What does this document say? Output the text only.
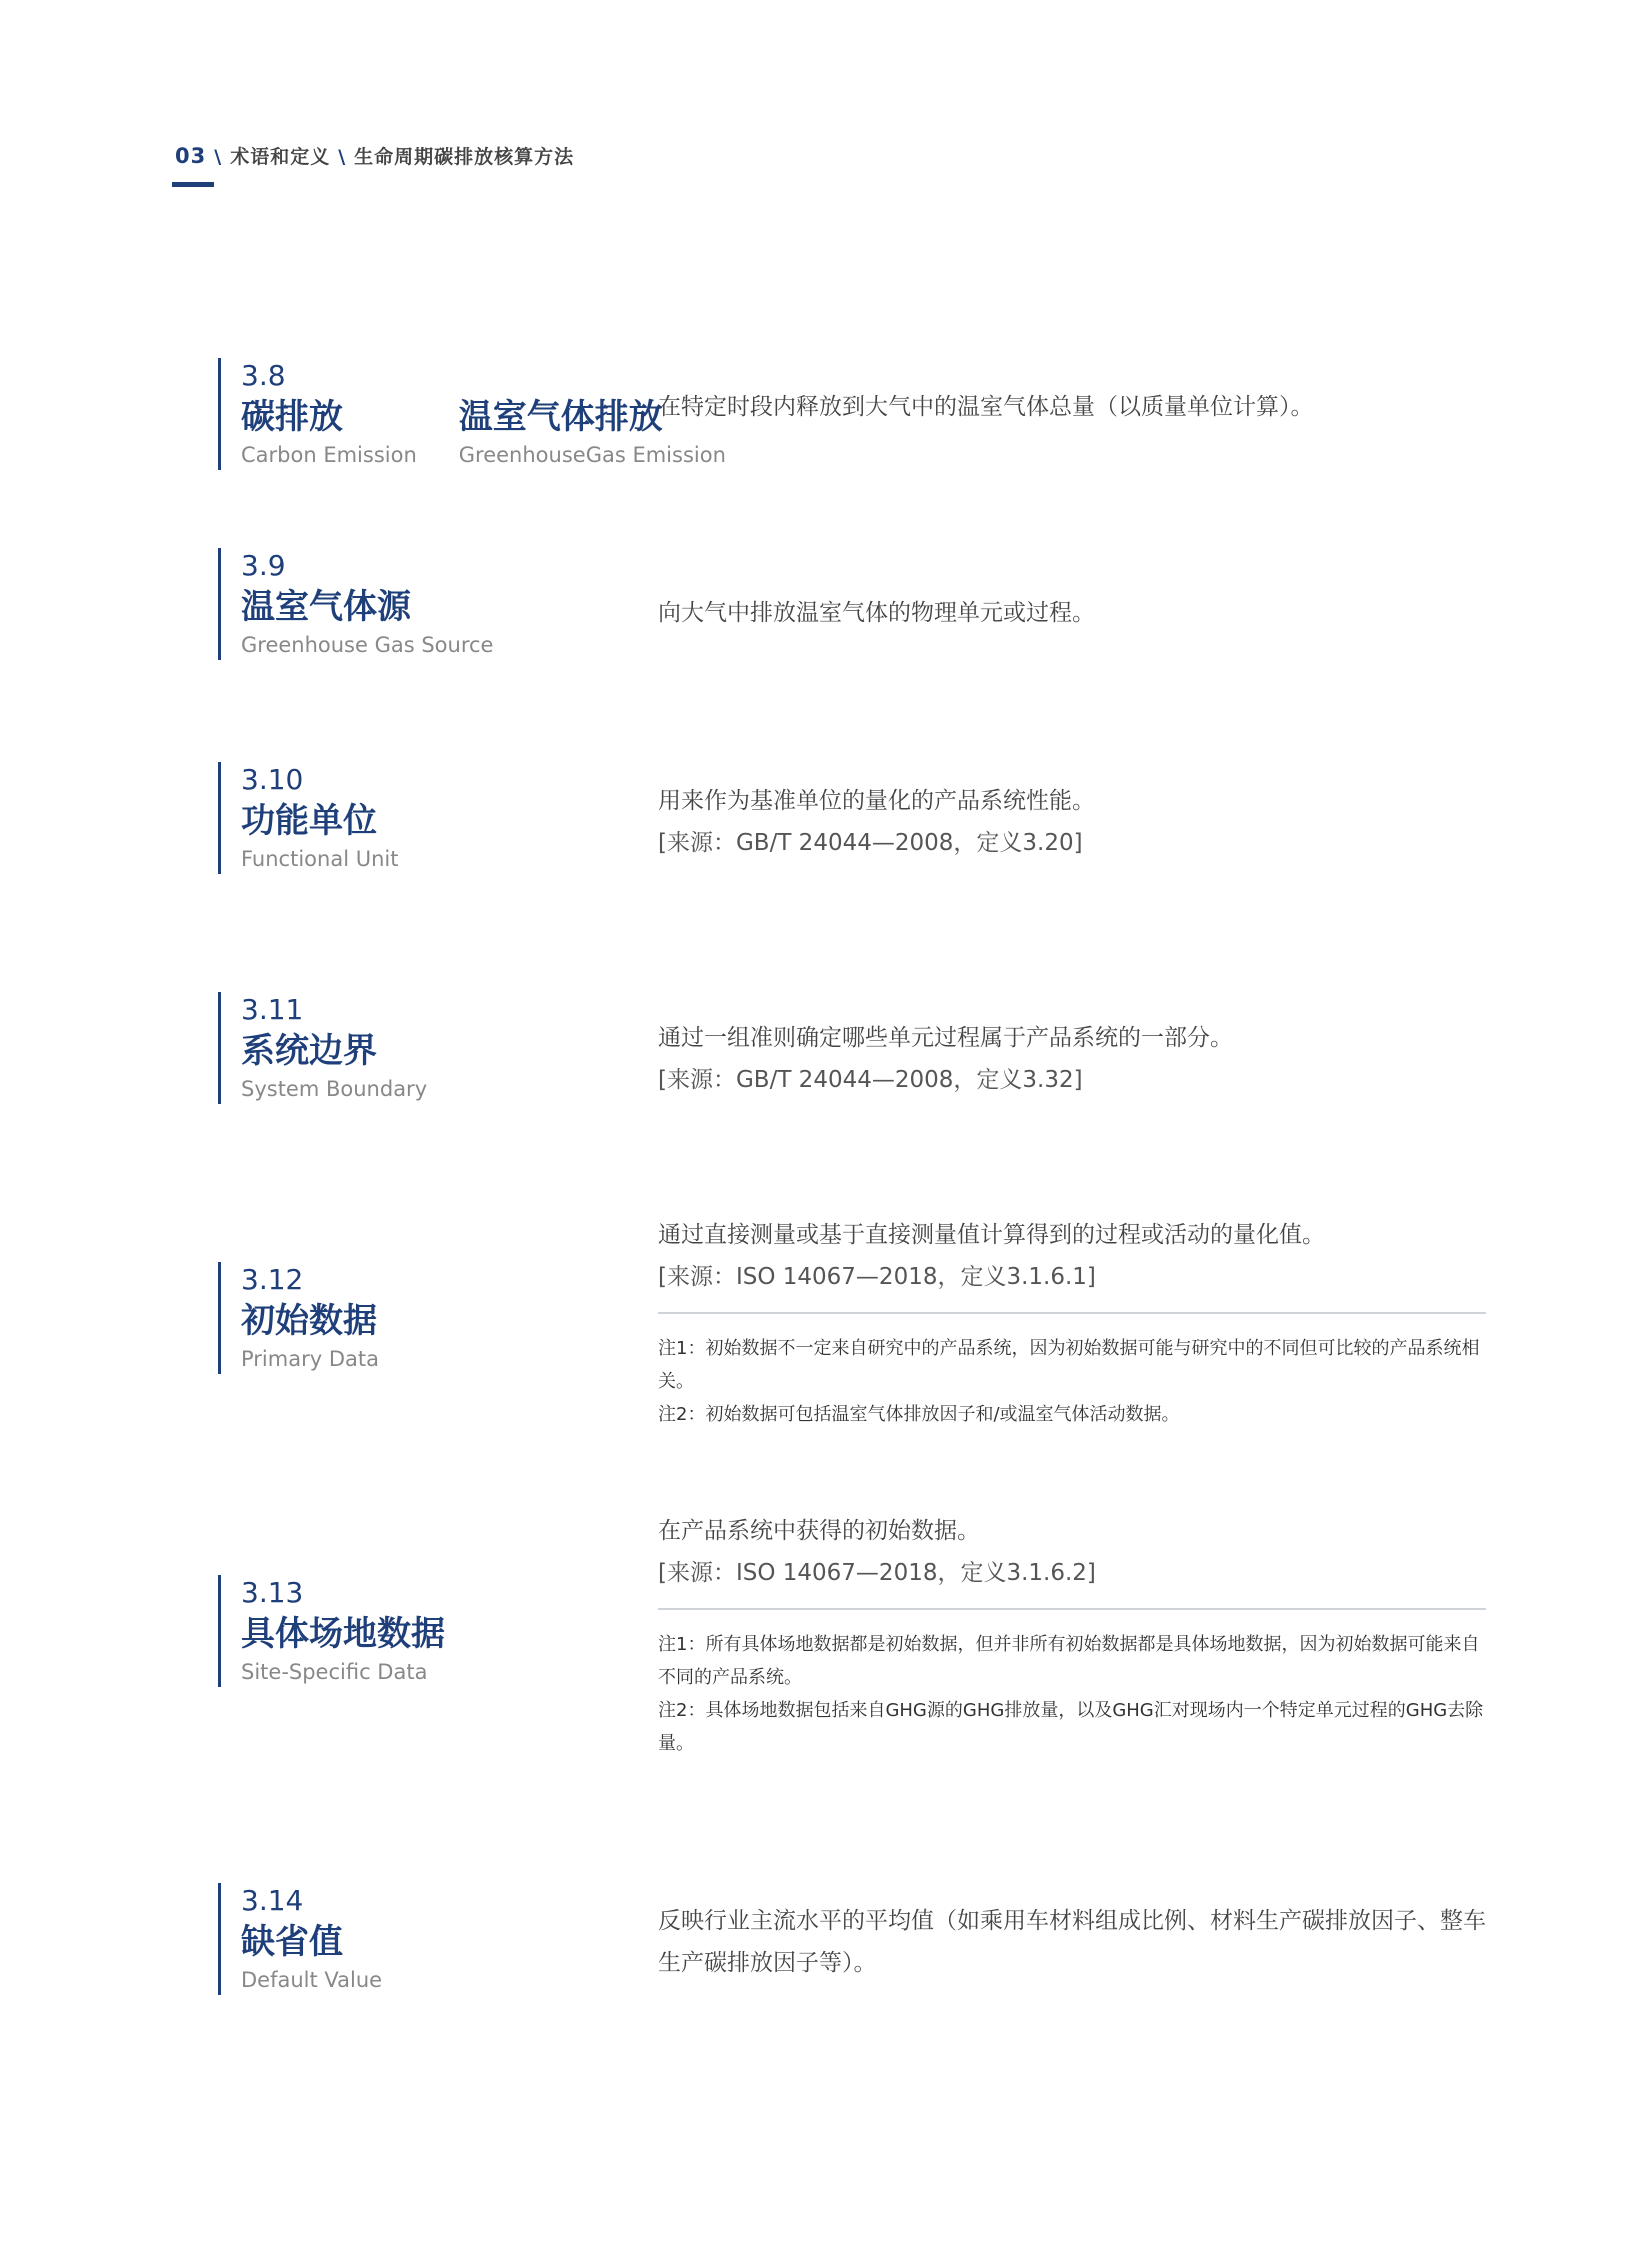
03 \ 术语和定义 \ 生命周期碳排放核算方法
3.8
碳排放
Carbon Emission
温室气体排放
GreenhouseGas Emission
在特定时段内释放到大气中的温室气体总量（以质量单位计算）。
3.9
温室气体源
Greenhouse Gas Source
向大气中排放温室气体的物理单元或过程。
3.10
功能单位
Functional Unit
用来作为基准单位的量化的产品系统性能。
[来源：GB/T 24044—2008，定义3.20]
3.11
系统边界
System Boundary
通过一组准则确定哪些单元过程属于产品系统的一部分。
[来源：GB/T 24044—2008，定义3.32]
3.12
初始数据
Primary Data
通过直接测量或基于直接测量值计算得到的过程或活动的量化值。
[来源：ISO 14067—2018，定义3.1.6.1]
注1：初始数据不一定来自研究中的产品系统，因为初始数据可能与研究中的不同但可比较的产品系统相关。
注2：初始数据可包括温室气体排放因子和/或温室气体活动数据。
3.13
具体场地数据
Site-Specific Data
在产品系统中获得的初始数据。
[来源：ISO 14067—2018，定义3.1.6.2]
注1：所有具体场地数据都是初始数据，但并非所有初始数据都是具体场地数据，因为初始数据可能来自不同的产品系统。
注2：具体场地数据包括来自GHG源的GHG排放量，以及GHG汇对现场内一个特定单元过程的GHG去除量。
3.14
缺省值
Default Value
反映行业主流水平的平均值（如乘用车材料组成比例、材料生产碳排放因子、整车生产碳排放因子等）。
